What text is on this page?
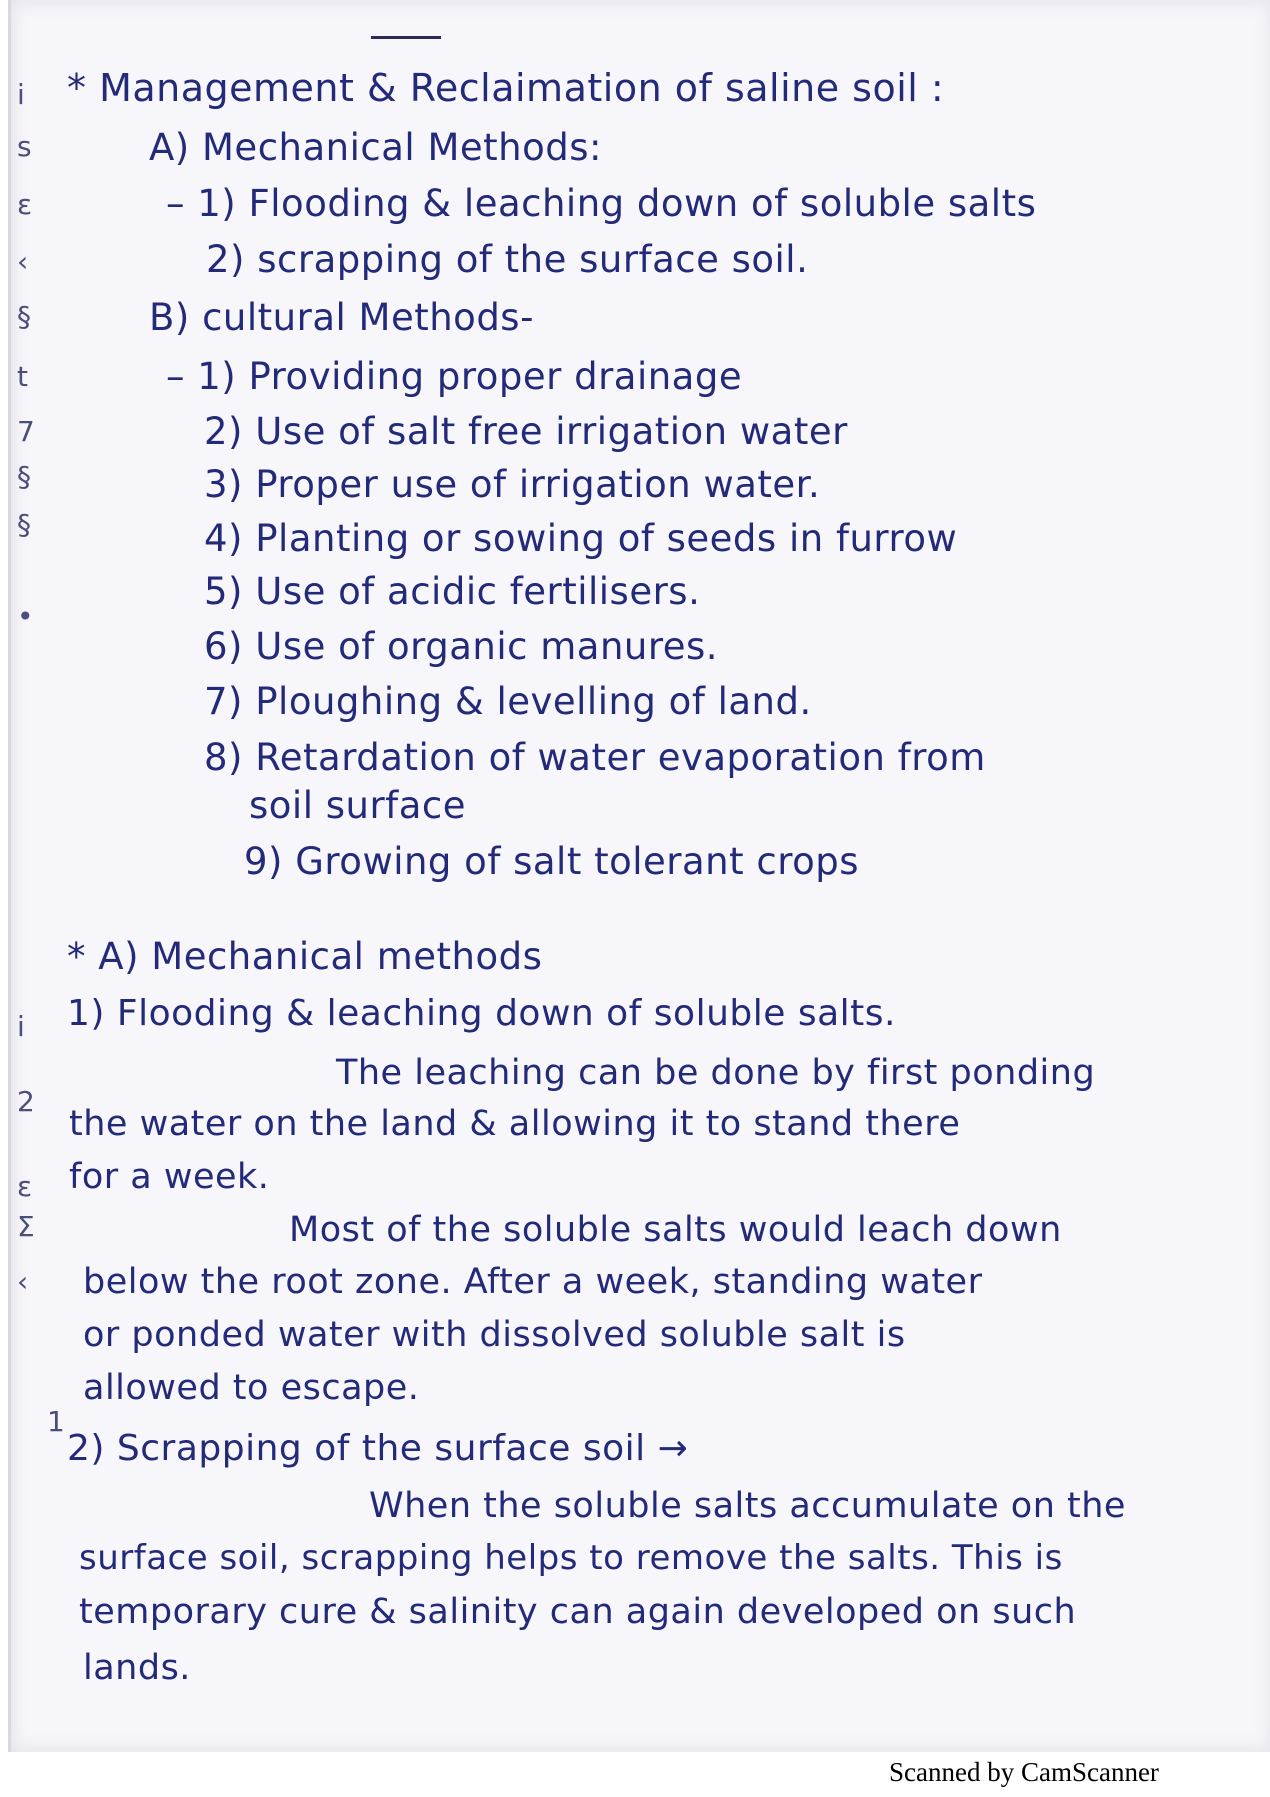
i
s
ε
‹
§
t
7
§
§
•
i
2
ε
Σ
‹
1
* Management & Reclaimation of saline soil :
A) Mechanical Methods:
– 1) Flooding & leaching down of soluble salts
2) scrapping of the surface soil.
B) cultural Methods-
– 1) Providing proper drainage
2) Use of salt free irrigation water
3) Proper use of irrigation water.
4) Planting or sowing of seeds in furrow
5) Use of acidic fertilisers.
6) Use of organic manures.
7) Ploughing & levelling of land.
8) Retardation of water evaporation from
soil surface
9) Growing of salt tolerant crops
* A) Mechanical methods
1) Flooding & leaching down of soluble salts.
The leaching can be done by first ponding
the water on the land & allowing it to stand there
for a week.
Most of the soluble salts would leach down
below the root zone. After a week, standing water
or ponded water with dissolved soluble salt is
allowed to escape.
2) Scrapping of the surface soil →
When the soluble salts accumulate on the
surface soil, scrapping helps to remove the salts. This is
temporary cure & salinity can again developed on such
lands.
Scanned by CamScanner
